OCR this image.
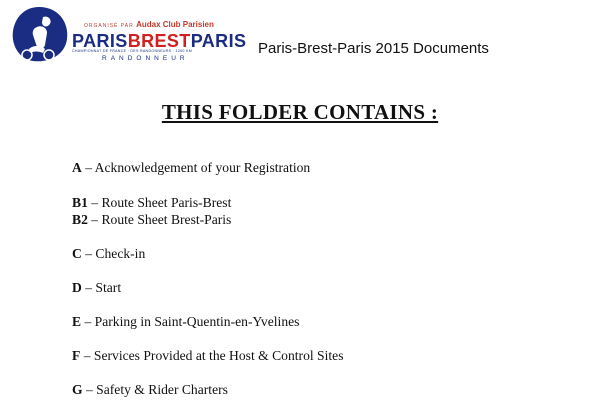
ORGANISÉ PAR Audax Club Parisien
PARISBRESTPARIS
CHAMPIONNAT DE FRANCE · DES RANDONNEURS · 1200 KM
RANDONNEUR
Paris-Brest-Paris 2015 Documents
THIS FOLDER CONTAINS :
A – Acknowledgement of your Registration
B1 – Route Sheet Paris-Brest
B2 – Route Sheet Brest-Paris
C – Check-in
D – Start
E – Parking in Saint-Quentin-en-Yvelines
F – Services Provided at the Host & Control Sites
G – Safety & Rider Charters
